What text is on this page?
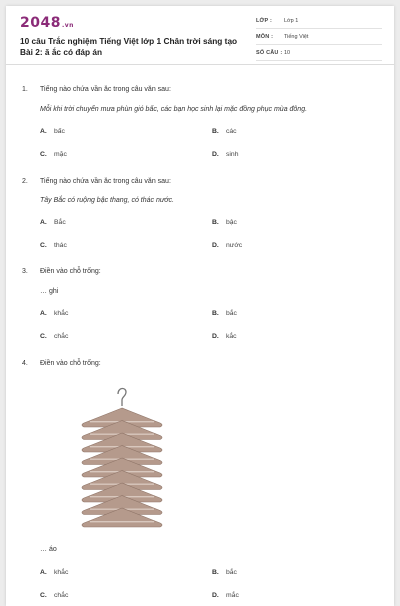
2048.vn
10 câu Trắc nghiệm Tiếng Việt lớp 1 Chân trời sáng tạo Bài 2: ă ắc có đáp án
LỚP : Lớp 1
MÔN : Tiếng Việt
SỐ CÂU : 10
1. Tiếng nào chứa vần ăc trong câu văn sau:
Mỗi khi trời chuyển mưa phùn gió bấc, các bạn học sinh lại mặc đồng phục mùa đông.
A. bấc	B. các
C. mặc	D. sinh
2. Tiếng nào chứa vần ăc trong câu văn sau:
Tây Bắc có ruộng bậc thang, có thác nước.
A. Bắc	B. bậc
C. thác	D. nước
3. Điền vào chỗ trống:
… ghi
A. khắc	B. bắc
C. chắc	D. kắc
4. Điền vào chỗ trống:
… áo
A. khắc	B. bắc
C. chắc	D. mắc
